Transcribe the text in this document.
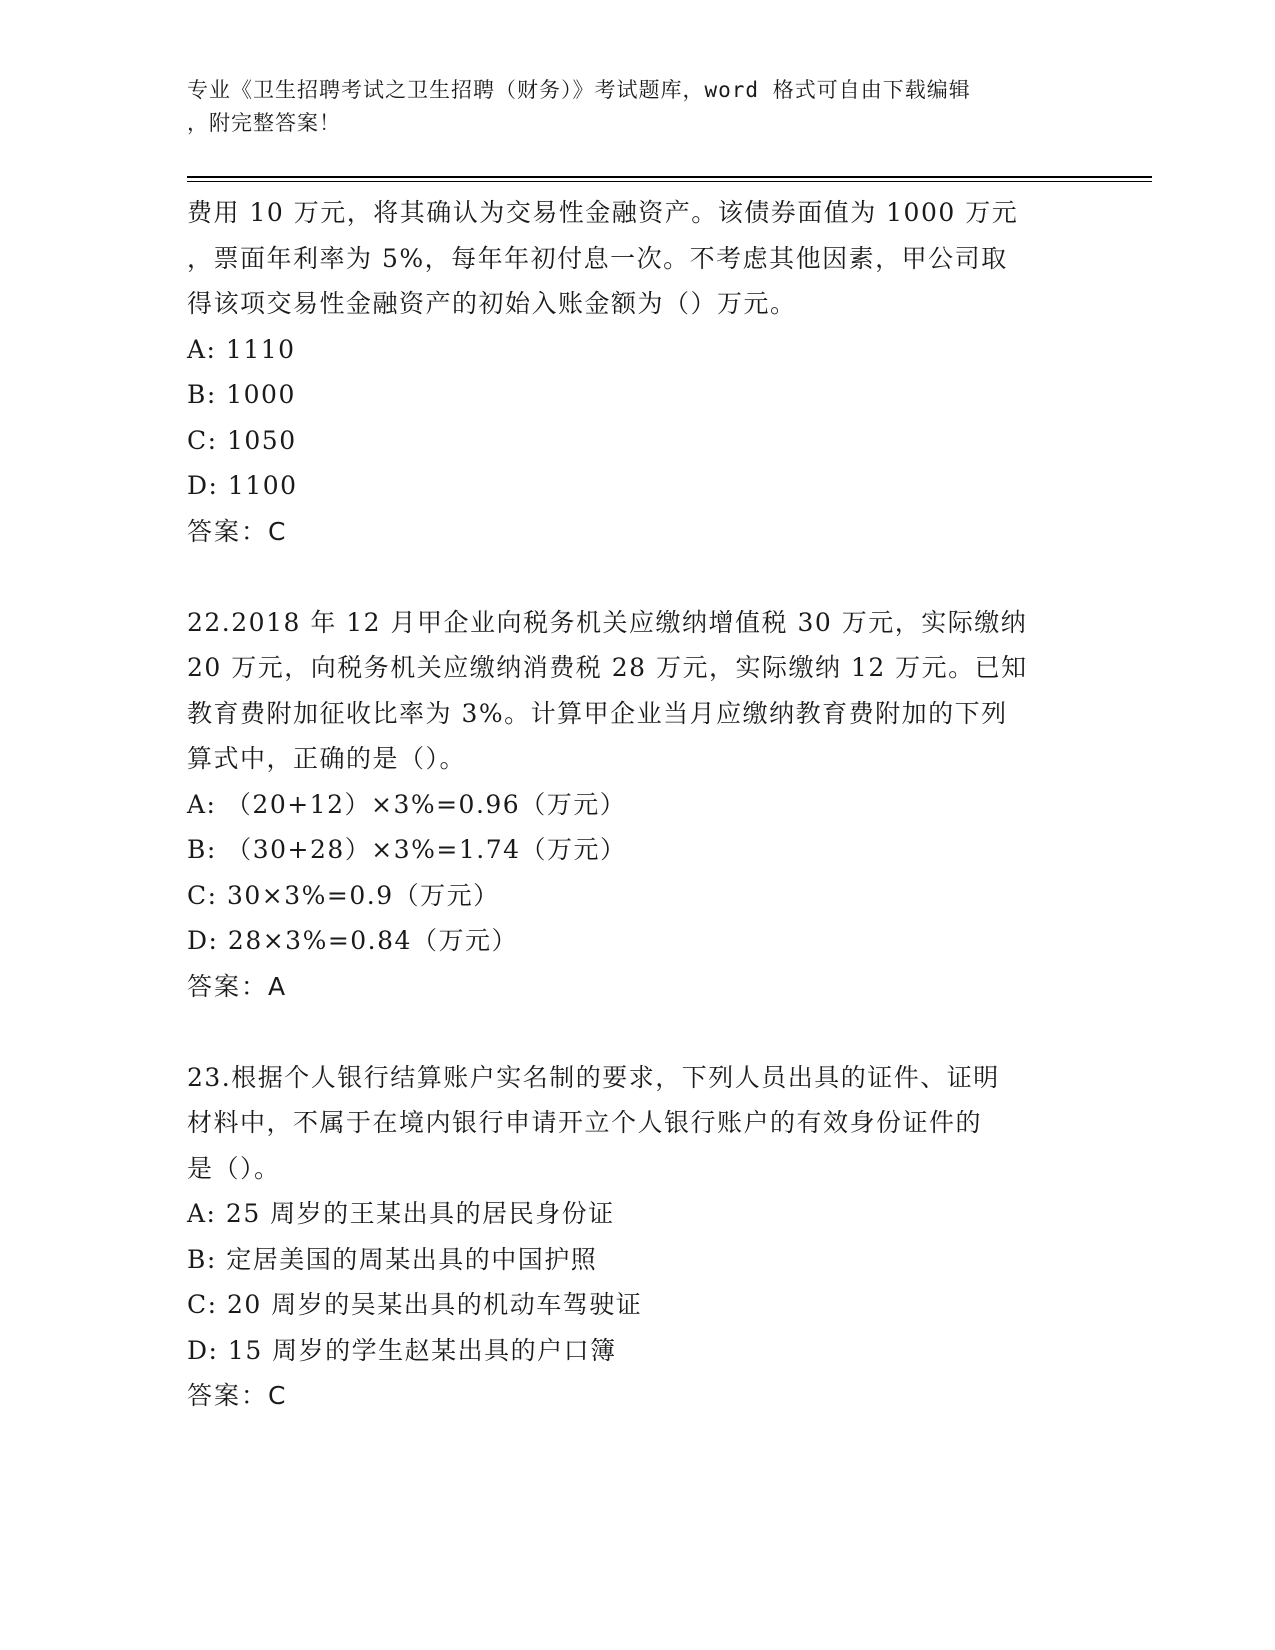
专业《卫生招聘考试之卫生招聘（财务）》考试题库，word 格式可自由下载编辑
，附完整答案！
费用 10 万元，将其确认为交易性金融资产。该债券面值为 1000 万元
，票面年利率为 5%，每年年初付息一次。不考虑其他因素，甲公司取
得该项交易性金融资产的初始入账金额为（）万元。
A: 1110
B: 1000
C: 1050
D: 1100
答案：C
22.2018 年 12 月甲企业向税务机关应缴纳增值税 30 万元，实际缴纳
20 万元，向税务机关应缴纳消费税 28 万元，实际缴纳 12 万元。已知
教育费附加征收比率为 3%。计算甲企业当月应缴纳教育费附加的下列
算式中，正确的是（）。
A: （20+12）×3%=0.96（万元）
B: （30+28）×3%=1.74（万元）
C: 30×3%=0.9（万元）
D: 28×3%=0.84（万元）
答案：A
23.根据个人银行结算账户实名制的要求，下列人员出具的证件、证明
材料中，不属于在境内银行申请开立个人银行账户的有效身份证件的
是（）。
A: 25 周岁的王某出具的居民身份证
B: 定居美国的周某出具的中国护照
C: 20 周岁的吴某出具的机动车驾驶证
D: 15 周岁的学生赵某出具的户口簿
答案：C
